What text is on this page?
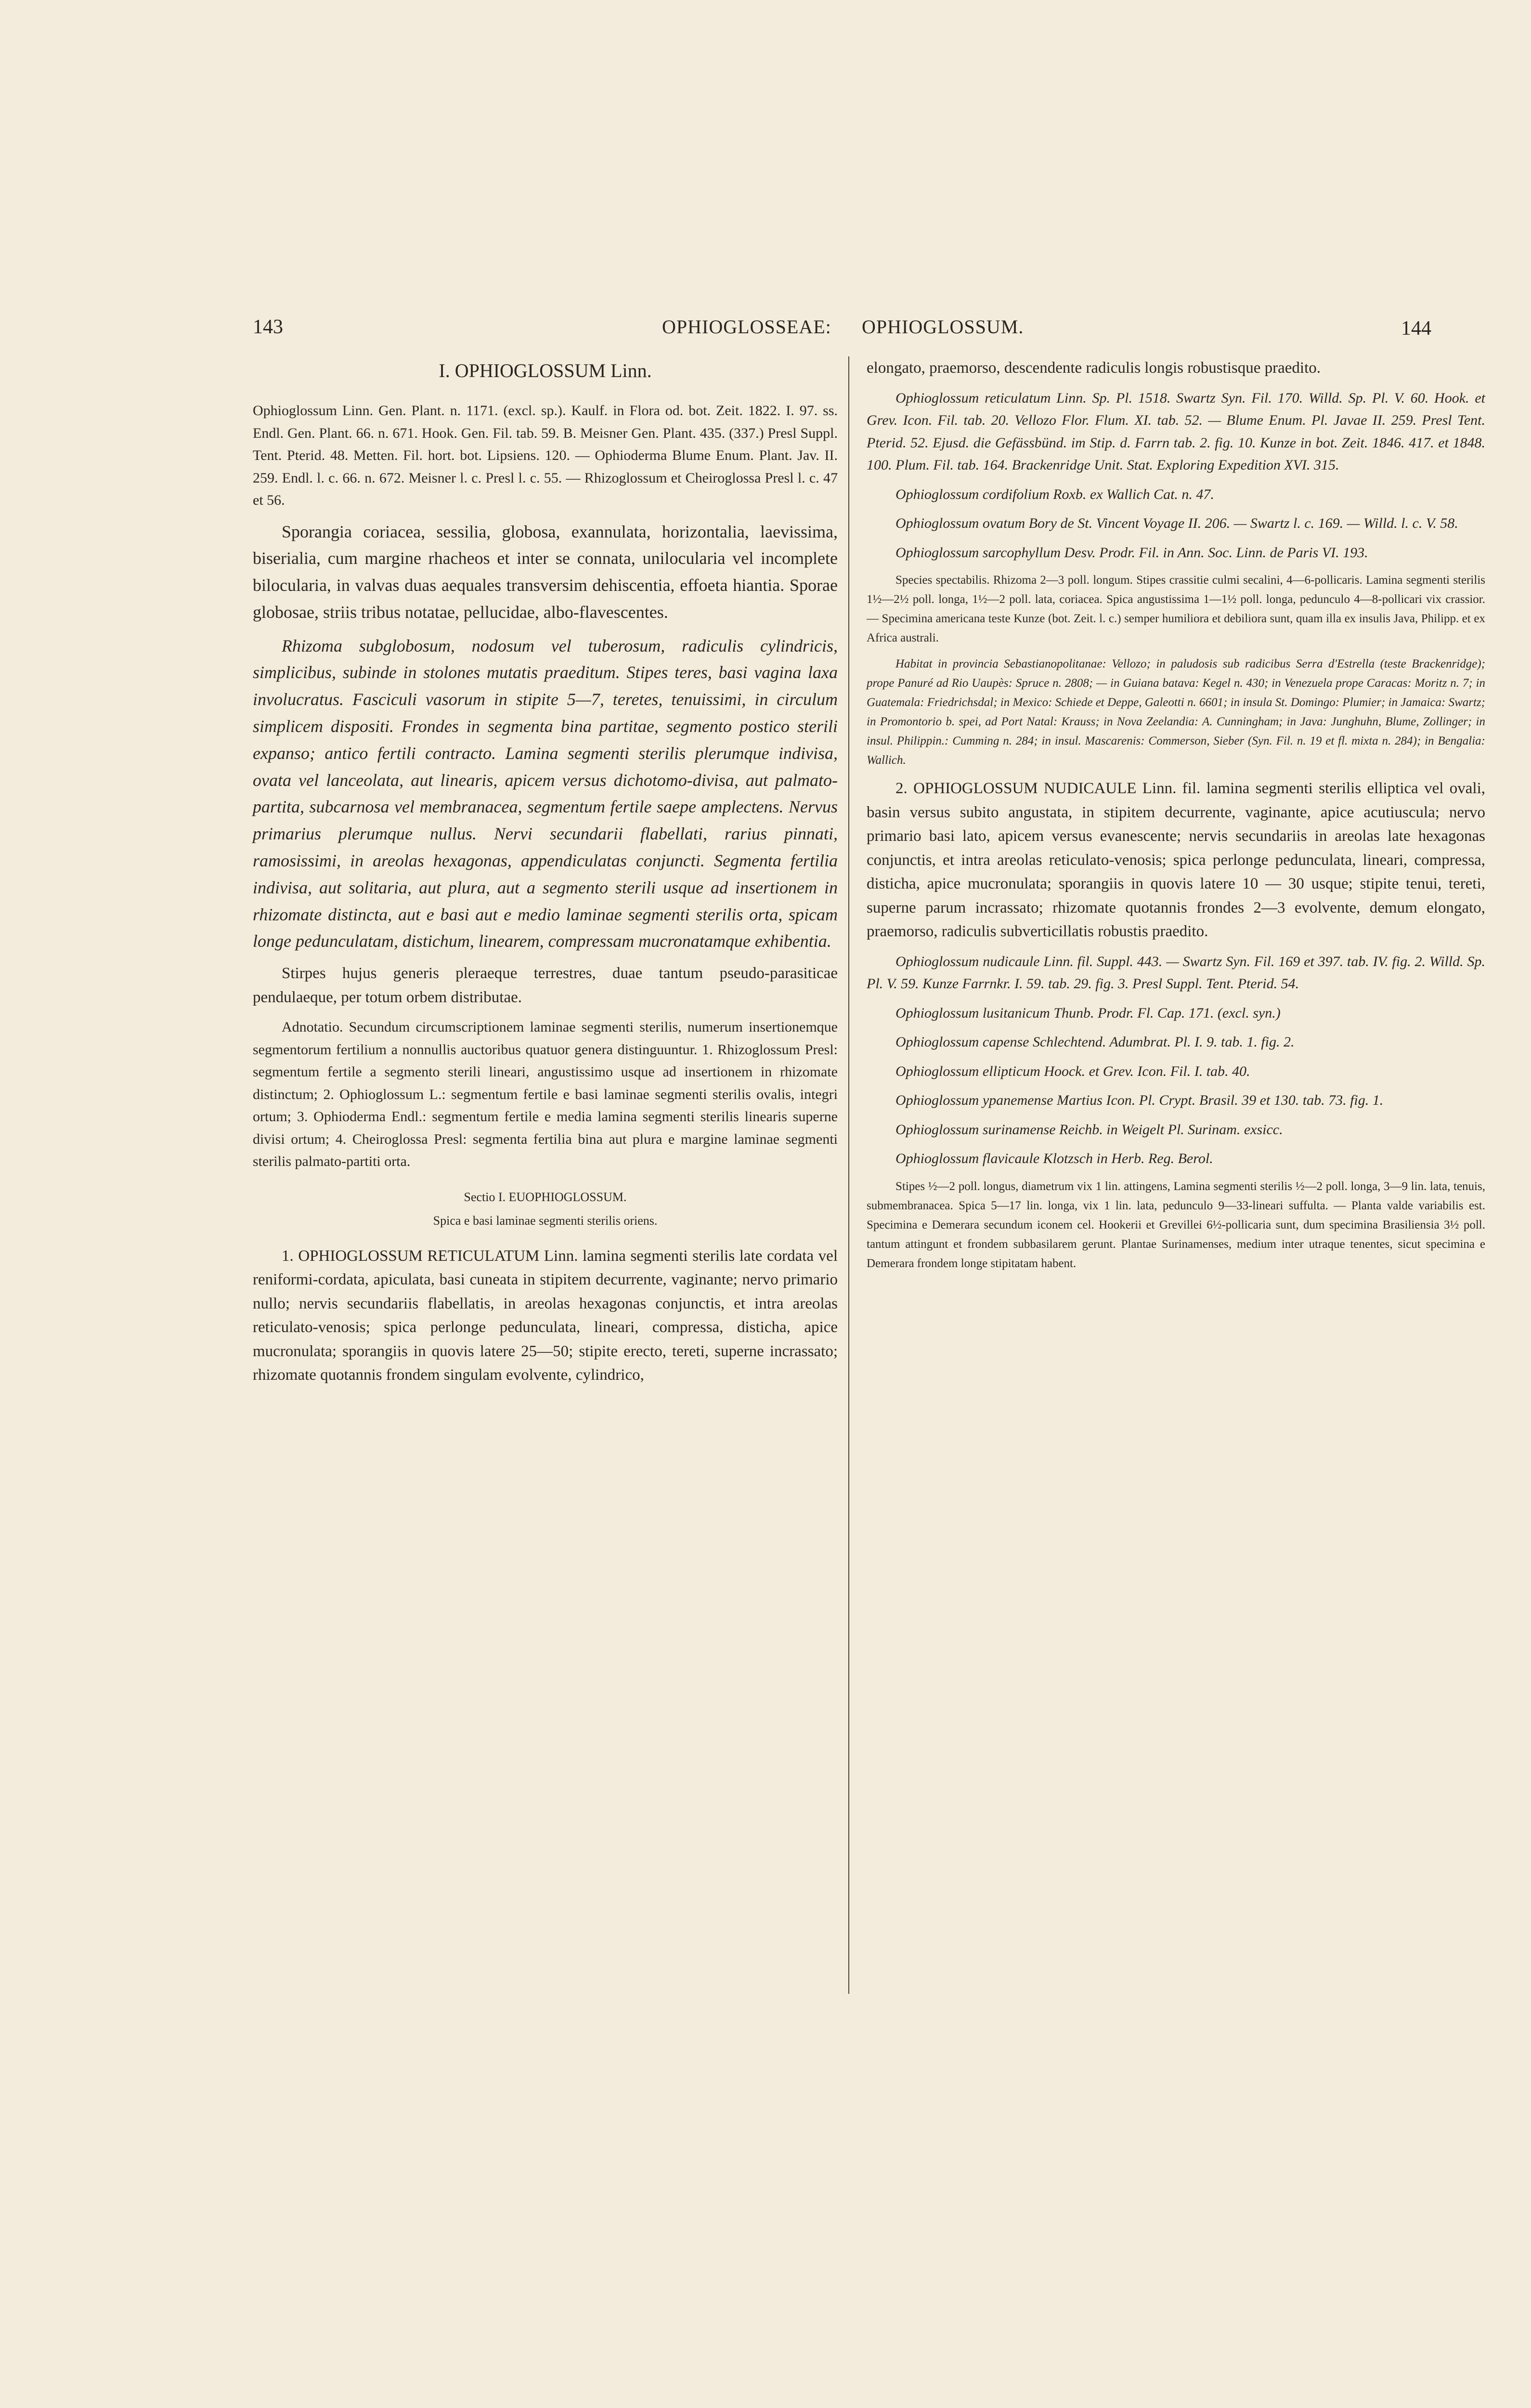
143	OPHIOGLOSSEAE: OPHIOGLOSSUM.	144
I. OPHIOGLOSSUM Linn.

Ophioglossum Linn. Gen. Plant. n. 1171. (excl. sp.). Kaulf. in Flora od. bot. Zeit. 1822. I. 97. ss. Endl. Gen. Plant. 66. n. 671. Hook. Gen. Fil. tab. 59. B. Meisner Gen. Plant. 435. (337.) Presl Suppl. Tent. Pterid. 48. Metten. Fil. hort. bot. Lipsiens. 120. — Ophioderma Blume Enum. Plant. Jav. II. 259. Endl. l. c. 66. n. 672. Meisner l. c. Presl l. c. 55. — Rhizoglossum et Cheiroglossa Presl l. c. 47 et 56.

Sporangia coriacea, sessilia, globosa, exannulata, horizontalia, laevissima, biserialia, cum margine rhacheos et inter se connata, unilocularia vel incomplete bilocularia, in valvas duas aequales transversim dehiscentia, effoeta hiantia. Sporae globosae, striis tribus notatae, pellucidae, albo-flavescentes.

Rhizoma subglobosum, nodosum vel tuberosum, radiculis cylindricis, simplicibus, subinde in stolones mutatis praeditum. Stipes teres, basi vagina laxa involucratus. Fasciculi vasorum in stipite 5—7, teretes, tenuissimi, in circulum simplicem dispositi. Frondes in segmenta bina partitae, segmento postico sterili expanso; antico fertili contracto. Lamina segmenti sterilis plerumque indivisa, ovata vel lanceolata, aut linearis, apicem versus dichotomo-divisa, aut palmato-partita, subcarnosa vel membranacea, segmentum fertile saepe amplectens. Nervus primarius plerumque nullus. Nervi secundarii flabellati, rarius pinnati, ramosissimi, in areolas hexagonas, appendiculatas conjuncti. Segmenta fertilia indivisa, aut solitaria, aut plura, aut a segmento sterili usque ad insertionem in rhizomate distincta, aut e basi aut e medio laminae segmenti sterilis orta, spicam longe pedunculatam, distichum, linearem, compressam mucronatamque exhibentia.

Stirpes hujus generis pleraeque terrestres, duae tantum pseudo-parasiticae pendulaeque, per totum orbem distributae.

Adnotatio. Secundum circumscriptionem laminae segmenti sterilis, numerum insertionemque segmentorum fertilium a nonnullis auctoribus quatuor genera distinguuntur. 1. Rhizoglossum Presl: segmentum fertile a segmento sterili lineari, angustissimo usque ad insertionem in rhizomate distinctum; 2. Ophioglossum L.: segmentum fertile e basi laminae segmenti sterilis ovalis, integri ortum; 3. Ophioderma Endl.: segmentum fertile e media lamina segmenti sterilis linearis superne divisi ortum; 4. Cheiroglossa Presl: segmenta fertilia bina aut plura e margine laminae segmenti sterilis palmato-partiti orta.

Sectio I. EUOPHIOGLOSSUM.
Spica e basi laminae segmenti sterilis oriens.

1. OPHIOGLOSSUM RETICULATUM Linn. lamina segmenti sterilis late cordata vel reniformi-cordata, apiculata, basi cuneata in stipitem decurrente, vaginante; nervo primario nullo; nervis secundariis flabellatis, in areolas hexagonas conjunctis, et intra areolas reticulato-venosis; spica perlonge pedunculata, lineari, compressa, disticha, apice mucronulata; sporangiis in quovis latere 25—50; stipite erecto, tereti, superne incrassato; rhizomate quotannis frondem singulam evolvente, cylindrico,

elongato, praemorso, descendente radiculis longis robustisque praedito.

Ophioglossum reticulatum Linn. Sp. Pl. 1518. Swartz Syn. Fil. 170. Willd. Sp. Pl. V. 60. Hook. et Grev. Icon. Fil. tab. 20. Vellozo Flor. Flum. XI. tab. 52. — Blume Enum. Pl. Javae II. 259. Presl Tent. Pterid. 52. Ejusd. die Gefässbünd. im Stip. d. Farrn tab. 2. fig. 10. Kunze in bot. Zeit. 1846. 417. et 1848. 100. Plum. Fil. tab. 164. Brackenridge Unit. Stat. Exploring Expedition XVI. 315.

Ophioglossum cordifolium Roxb. ex Wallich Cat. n. 47.

Ophioglossum ovatum Bory de St. Vincent Voyage II. 206. — Swartz l. c. 169. — Willd. l. c. V. 58.

Ophioglossum sarcophyllum Desv. Prodr. Fil. in Ann. Soc. Linn. de Paris VI. 193.

Species spectabilis. Rhizoma 2—3 poll. longum. Stipes crassitie culmi secalini, 4—6-pollicaris. Lamina segmenti sterilis 1½—2½ poll. longa, 1½—2 poll. lata, coriacea. Spica angustissima 1—1½ poll. longa, pedunculo 4—8-pollicari vix crassior. — Specimina americana teste Kunze (bot. Zeit. l. c.) semper humiliora et debiliora sunt, quam illa ex insulis Java, Philipp. et ex Africa australi.

Habitat in provincia Sebastianopolitanae: Vellozo; in paludosis sub radicibus Serra d'Estrella (teste Brackenridge); prope Panuré ad Rio Uaupès: Spruce n. 2808; — in Guiana batava: Kegel n. 430; in Venezuela prope Caracas: Moritz n. 7; in Guatemala: Friedrichsdal; in Mexico: Schiede et Deppe, Galeotti n. 6601; in insula St. Domingo: Plumier; in Jamaica: Swartz; in Promontorio b. spei, ad Port Natal: Krauss; in Nova Zeelandia: A. Cunningham; in Java: Junghuhn, Blume, Zollinger; in insul. Philippin.: Cumming n. 284; in insul. Mascarenis: Commerson, Sieber (Syn. Fil. n. 19 et fl. mixta n. 284); in Bengalia: Wallich.

2. OPHIOGLOSSUM NUDICAULE Linn. fil. lamina segmenti sterilis elliptica vel ovali, basin versus subito angustata, in stipitem decurrente, vaginante, apice acutiuscula; nervo primario basi lato, apicem versus evanescente; nervis secundariis in areolas late hexagonas conjunctis, et intra areolas reticulato-venosis; spica perlonge pedunculata, lineari, compressa, disticha, apice mucronulata; sporangiis in quovis latere 10 — 30 usque; stipite tenui, tereti, superne parum incrassato; rhizomate quotannis frondes 2—3 evolvente, demum elongato, praemorso, radiculis subverticillatis robustis praedito.

Ophioglossum nudicaule Linn. fil. Suppl. 443. — Swartz Syn. Fil. 169 et 397. tab. IV. fig. 2. Willd. Sp. Pl. V. 59. Kunze Farrnkr. I. 59. tab. 29. fig. 3. Presl Suppl. Tent. Pterid. 54.

Ophioglossum lusitanicum Thunb. Prodr. Fl. Cap. 171. (excl. syn.)

Ophioglossum capense Schlechtend. Adumbrat. Pl. I. 9. tab. 1. fig. 2.

Ophioglossum ellipticum Hoock. et Grev. Icon. Fil. I. tab. 40.

Ophioglossum ypanemense Martius Icon. Pl. Crypt. Brasil. 39 et 130. tab. 73. fig. 1.

Ophioglossum surinamense Reichb. in Weigelt Pl. Surinam. exsicc.

Ophioglossum flavicaule Klotzsch in Herb. Reg. Berol.

Stipes ½—2 poll. longus, diametrum vix 1 lin. attingens, Lamina segmenti sterilis ½—2 poll. longa, 3—9 lin. lata, tenuis, submembranacea. Spica 5—17 lin. longa, vix 1 lin. lata, pedunculo 9—33-lineari suffulta. — Planta valde variabilis est. Specimina e Demerara secundum iconem cel. Hookerii et Grevillei 6½-pollicaria sunt, dum specimina Brasiliensia 3½ poll. tantum attingunt et frondem subbasilarem gerunt. Plantae Surinamenses, medium inter utraque tenentes, sicut specimina e Demerara frondem longe stipitatam habent.
